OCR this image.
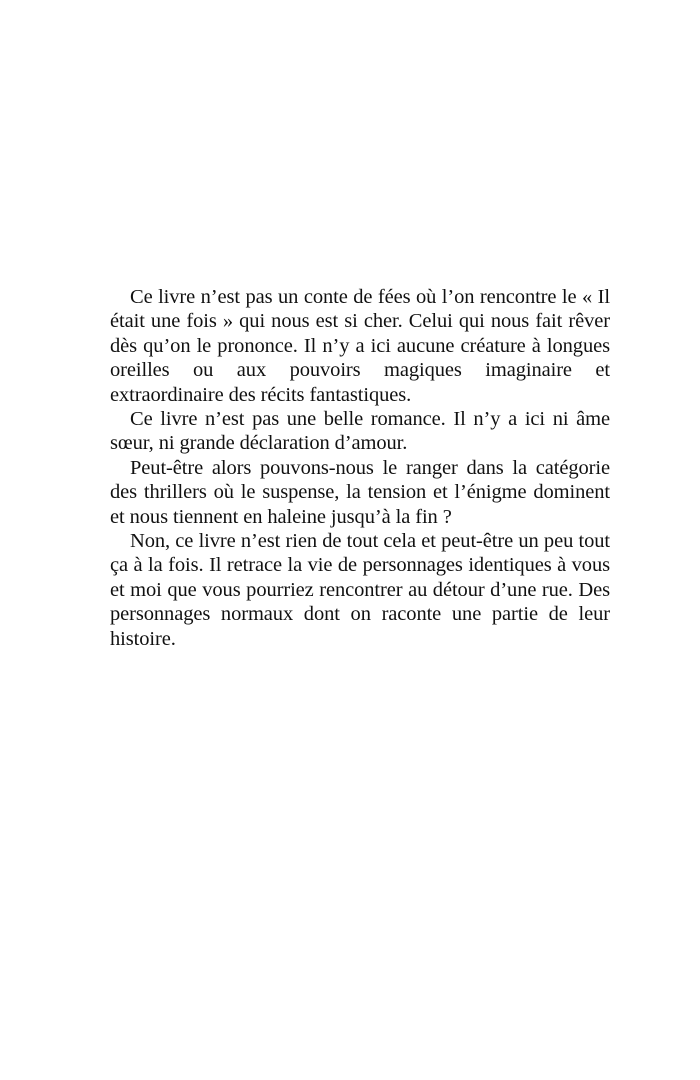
Ce livre n’est pas un conte de fées où l’on rencontre le « Il était une fois » qui nous est si cher. Celui qui nous fait rêver dès qu’on le prononce. Il n’y a ici aucune créature à longues oreilles ou aux pouvoirs magiques imaginaire et extraordinaire des récits fantastiques.

Ce livre n’est pas une belle romance. Il n’y a ici ni âme sœur, ni grande déclaration d’amour.

Peut-être alors pouvons-nous le ranger dans la catégorie des thrillers où le suspense, la tension et l’énigme dominent et nous tiennent en haleine jusqu’à la fin ?

Non, ce livre n’est rien de tout cela et peut-être un peu tout ça à la fois. Il retrace la vie de personnages identiques à vous et moi que vous pourriez rencontrer au détour d’une rue. Des personnages normaux dont on raconte une partie de leur histoire.
